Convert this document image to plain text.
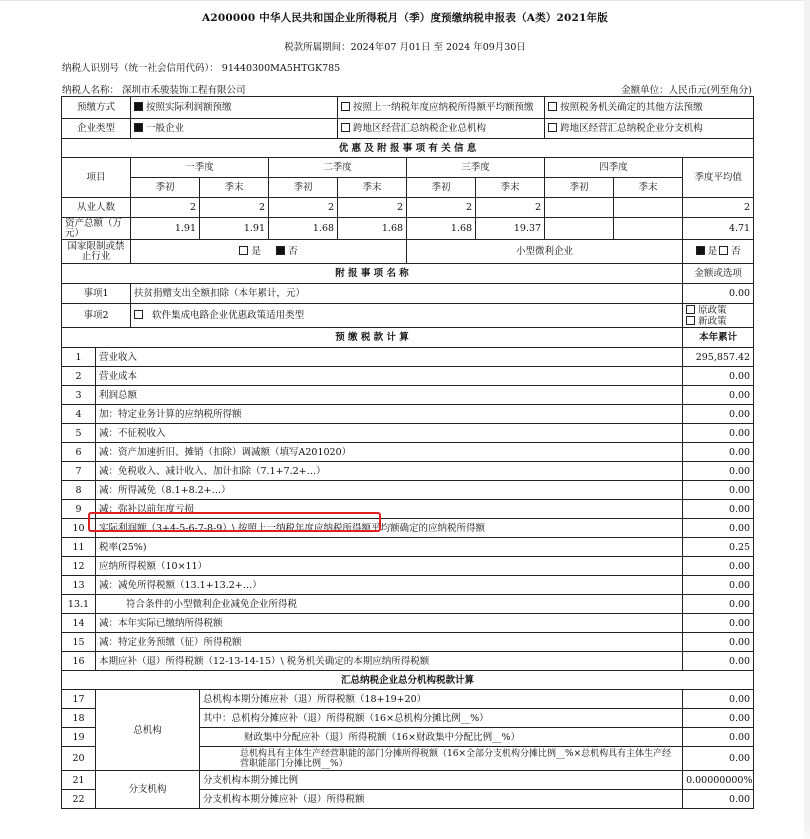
A200000 中华人民共和国企业所得税月（季）度预缴纳税申报表（A类）2021年版
税款所属期间：2024年07 月01日 至 2024 年09月30日
纳税人识别号（统一社会信用代码）： 91440300MA5HTGK785
纳税人名称： 深圳市禾骏装饰工程有限公司	金额单位：人民币元(列至角分)
预缴方式		按照实际利润额预缴			按照上一纳税年度应纳税所得额平均额预缴			按照税务机关确定的其他方法预缴		
企业类型		一般企业			跨地区经营汇总纳税企业总机构			跨地区经营汇总纳税企业分支机构		
优 惠 及 附 报 事 项 有 关 信 息										
项目		一季度		二季度		三季度		四季度		季度平均值
		季初	季末	季初	季末	季初	季末	季初	季末	
从业人数		2	2	2	2	2	2			2
资产总额（万元）		1.91	1.91	1.68	1.68	1.68	19.37			4.71
国家限制或禁止行业		是 否				小型微利企业				是 否
附 报 事 项 名 称										金额或选项
事项1		扶贫捐赠支出全额扣除（本年累计，元）								0.00
事项2		软件集成电路企业优惠政策适用类型								原政策
新政策

预 缴 税 款 计 算										本年累计
1	营业收入									295,857.42
2	营业成本									0.00
3	利润总额									0.00
4	加：特定业务计算的应纳税所得额									0.00
5	减：不征税收入									0.00
6	减：资产加速折旧、摊销（扣除）调减额（填写A201020）									0.00
7	减：免税收入、减计收入、加计扣除（7.1+7.2+…）									0.00
8	减：所得减免（8.1+8.2+…）									0.00
9	减：弥补以前年度亏损									0.00
10	实际利润额（3+4-5-6-7-8-9）\ 按照上一纳税年度应纳税所得额平均额确定的应纳税所得额									0.00
11	税率(25%)									0.25
12	应纳所得税额（10×11）									0.00
13	减：减免所得税额（13.1+13.2+…）									0.00
13.1	符合条件的小型微利企业减免企业所得税									0.00
14	减：本年实际已缴纳所得税额									0.00
15	减：特定业务预缴（征）所得税额									0.00
16	本期应补（退）所得税额（12-13-14-15）\ 税务机关确定的本期应纳所得税额									0.00
汇总纳税企业总分机构税款计算										
17	总机构		总机构本期分摊应补（退）所得税额（18+19+20）							0.00
18			其中：总机构分摊应补（退）所得税额（16×总机构分摊比例__%）							0.00
19			财政集中分配应补（退）所得税额（16×财政集中分配比例__%）							0.00
20			总机构具有主体生产经营职能的部门分摊所得税额（16×全部分支机构分摊比例__%×总机构具有主体生产经营职能部门分摊比例__%）							0.00
21	分支机构		分支机构本期分摊比例							0.00000000%
22			分支机构本期分摊应补（退）所得税额							0.00
